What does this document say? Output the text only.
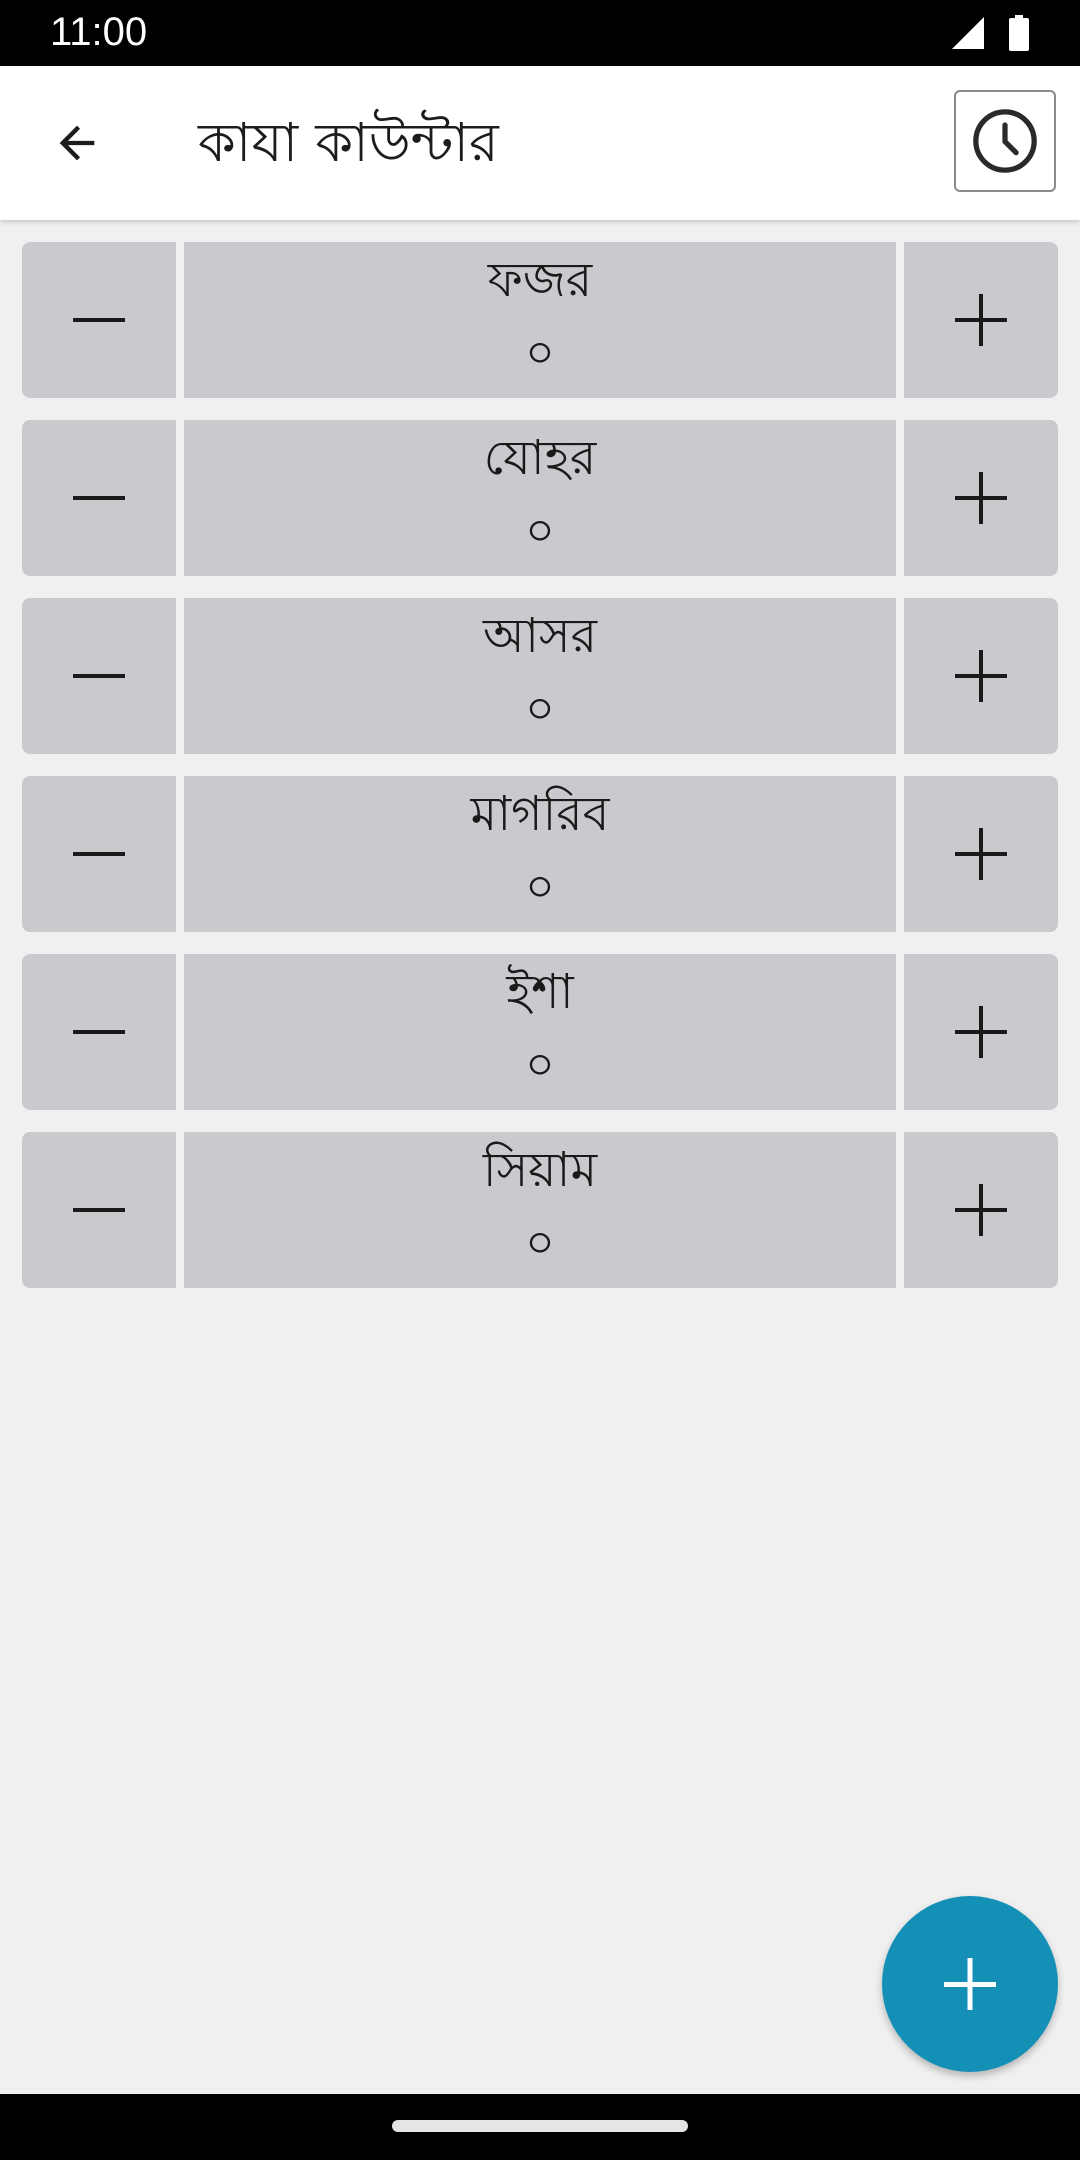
11:00
কাযা কাউন্টার
ফজর
০
যোহর
০
আসর
০
মাগরিব
০
ইশা
০
সিয়াম
০
